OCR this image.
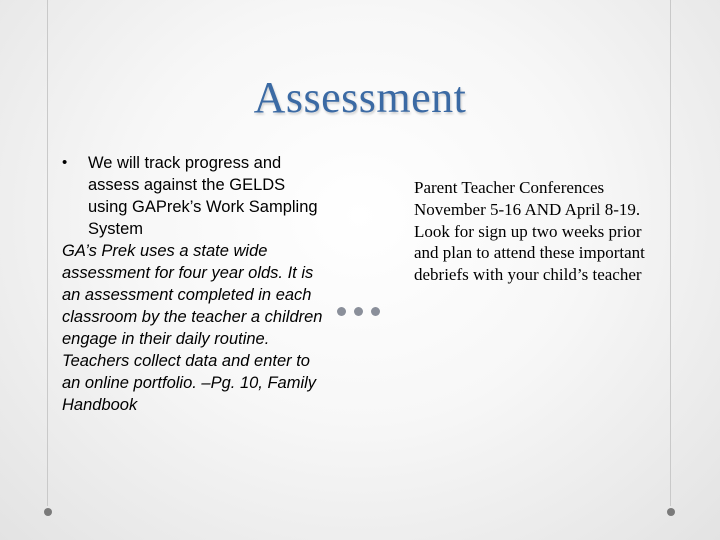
Assessment
• We will track progress and assess against the GELDS using GAPrek’s Work Sampling System
GA’s Prek uses a state wide assessment for four year olds. It is an assessment completed in each classroom by the teacher a children engage in their daily routine. Teachers collect data and enter to an online portfolio. –Pg. 10, Family Handbook
Parent Teacher Conferences November 5-16 AND April 8-19. Look for sign up two weeks prior and plan to attend these important debriefs with your child’s teacher
